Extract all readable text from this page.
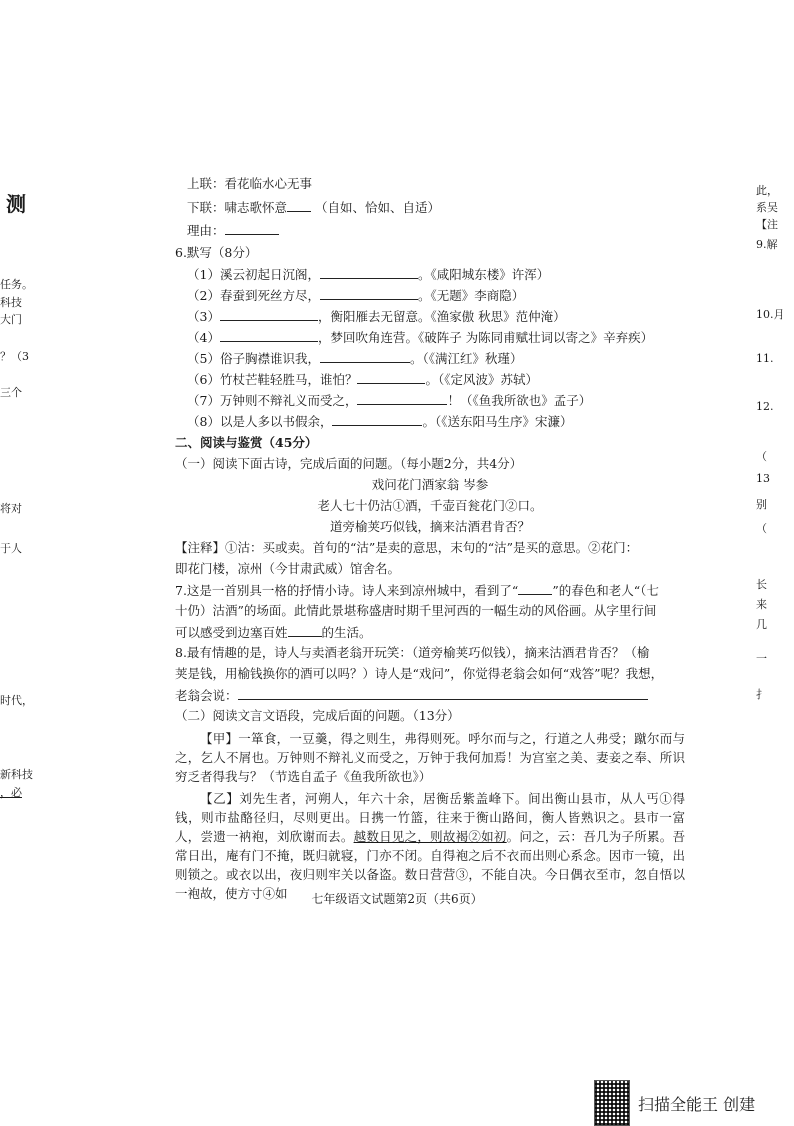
测
任务。
科技
大门
？（3
三个
将对
于人
时代，
新科技
，必
此，
系吴
【注
9.解
10.月
11.
12.
（
13
别
（
长
来
几
一
扌
上联：看花临水心无事
下联：啸志歌怀意 （自如、恰如、自适）
理由：
6.默写（8分）
（1）溪云初起日沉阁，	。《咸阳城东楼》许浑）
（2）春蚕到死丝方尽，	。《无题》李商隐）
（3）	，衡阳雁去无留意。《渔家傲 秋思》范仲淹）
（4）	，梦回吹角连营。《破阵子 为陈同甫赋壮词以寄之》辛弃疾）
（5）俗子胸襟谁识我，	。（《满江红》秋瑾）
（6）竹杖芒鞋轻胜马，谁怕？	。（《定风波》苏轼）
（7）万钟则不辩礼义而受之，	！（《鱼我所欲也》孟子）
（8）以是人多以书假余，	。（《送东阳马生序》宋濂）
二、阅读与鉴赏（45分）
（一）阅读下面古诗，完成后面的问题。（每小题2分，共4分）
戏问花门酒家翁 岑参
老人七十仍沽①酒，千壶百瓮花门②口。
道旁榆荚巧似钱，摘来沽酒君肯否？
【注释】①沽：买或卖。首句的“沽”是卖的意思，末句的“沽”是买的意思。②花门：
即花门楼，凉州（今甘肃武威）馆舍名。
7.这是一首别具一格的抒情小诗。诗人来到凉州城中，看到了“	”的春色和老人“（七
十仍）沽酒”的场面。此情此景堪称盛唐时期千里河西的一幅生动的风俗画。从字里行间
可以感受到边塞百姓	的生活。
8.最有情趣的是，诗人与卖酒老翁开玩笑：（道旁榆荚巧似钱），摘来沽酒君肯否？（榆
荚是钱，用榆钱换你的酒可以吗？）诗人是“戏问”，你觉得老翁会如何“戏答”呢？我想，
老翁会说：
（二）阅读文言文语段，完成后面的问题。（13分）

【甲】一箪食，一豆羹，得之则生，弗得则死。呼尔而与之，行道之人弗受；蹴尔而与之，乞人不屑也。万钟则不辩礼义而受之，万钟于我何加焉！为宫室之美、妻妾之奉、所识穷乏者得我与？（节选自孟子《鱼我所欲也》）

【乙】刘先生者，河朔人，年六十余，居衡岳紫盖峰下。间出衡山县市，从人丐①得钱，则市盐酪径归，尽则更出。日携一竹篮，往来于衡山路间，衡人皆熟识之。县市一富人，尝遗一衲袍，刘欣谢而去。越数日见之，则故褐②如初。问之，云：吾几为子所累。吾常日出，庵有门不掩，既归就寝，门亦不闭。自得袍之后不衣而出则心系念。因市一镜，出则锁之。或衣以出，夜归则牢关以备盗。数日营营③，不能自决。今日偶衣至市，忽自悟以一袍故，使方寸④如	七年级语文试题第2页（共6页）
扫描全能王 创建
